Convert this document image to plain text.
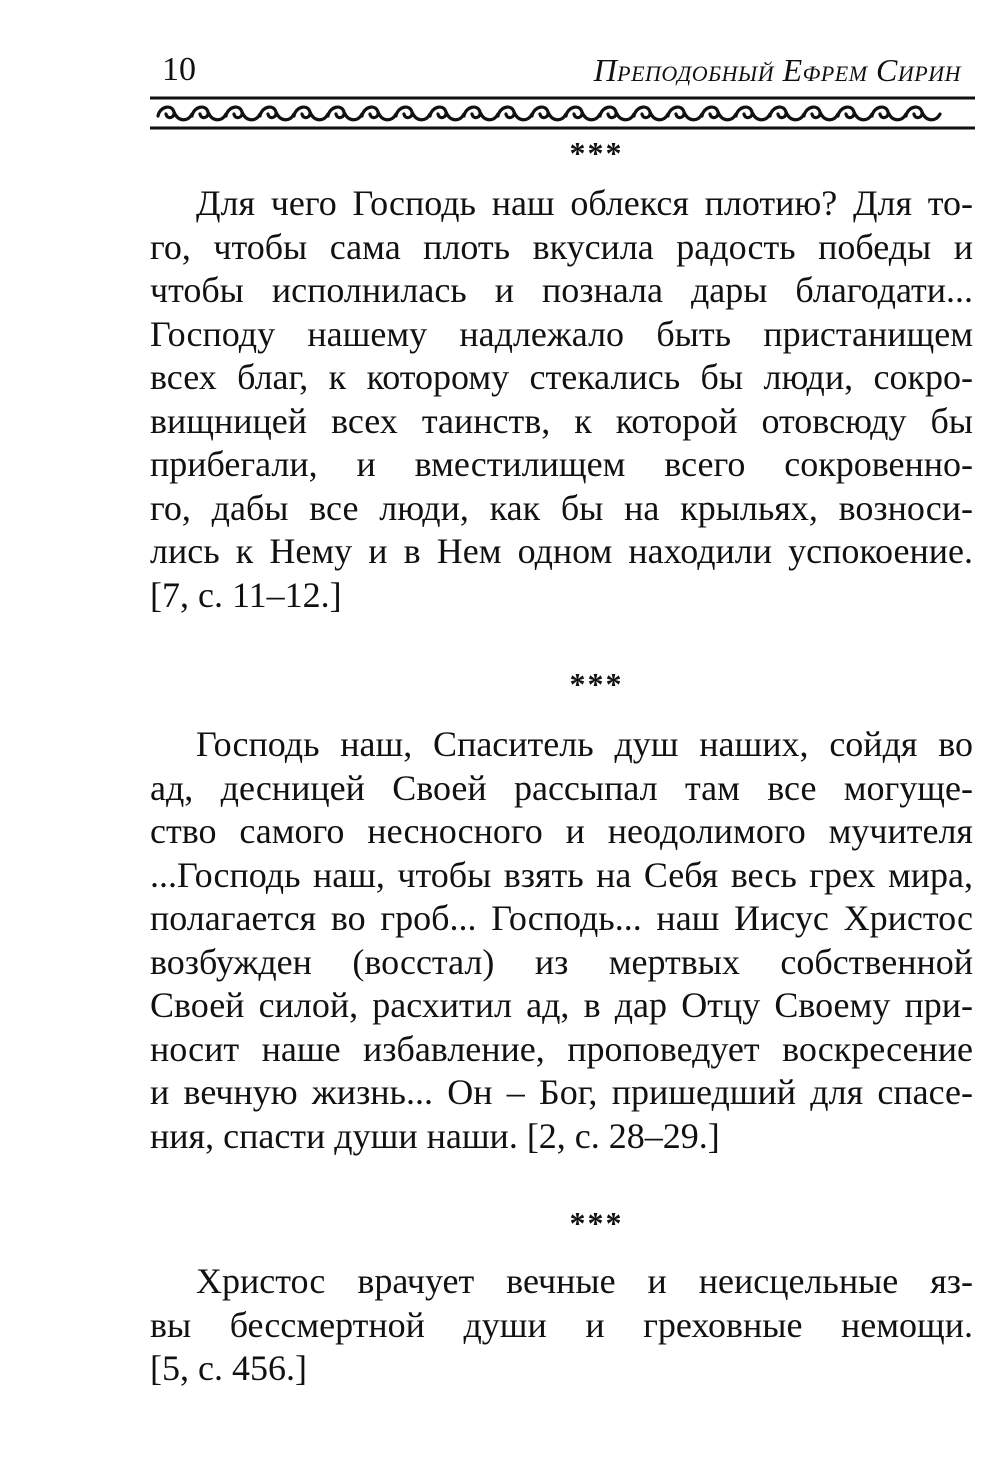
10	Преподобный Ефрем Сирин
***
Для чего Господь наш облекся плотию? Для то-
го, чтобы сама плоть вкусила радость победы и
чтобы исполнилась и познала дары благодати...
Господу нашему надлежало быть пристанищем
всех благ, к которому стекались бы люди, сокро-
вищницей всех таинств, к которой отовсюду бы
прибегали, и вместилищем всего сокровенно-
го, дабы все люди, как бы на крыльях, возноси-
лись к Нему и в Нем одном находили успокоение.
[7, с. 11–12.]
***
Господь наш, Спаситель душ наших, сойдя во
ад, десницей Своей рассыпал там все могуще-
ство самого несносного и неодолимого мучителя
...Господь наш, чтобы взять на Себя весь грех мира,
полагается во гроб... Господь... наш Иисус Христос
возбужден (восстал) из мертвых собственной
Своей силой, расхитил ад, в дар Отцу Своему при-
носит наше избавление, проповедует воскресение
и вечную жизнь... Он – Бог, пришедший для спасе-
ния, спасти души наши. [2, с. 28–29.]
***
Христос врачует вечные и неисцельные яз-
вы бессмертной души и греховные немощи.
[5, с. 456.]
